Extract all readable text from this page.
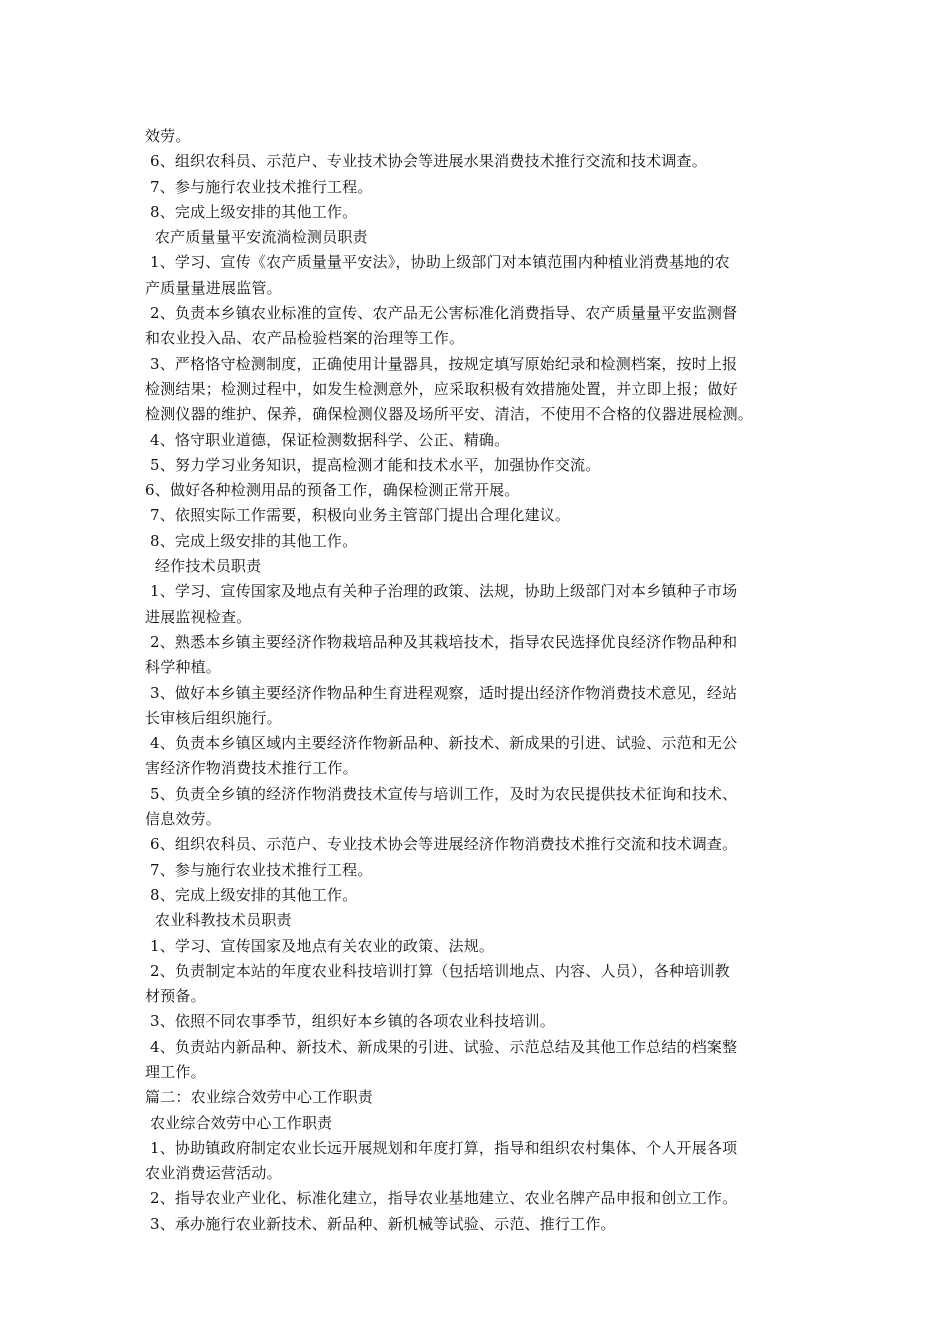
效劳。
6、组织农科员、示范户、专业技术协会等进展水果消费技术推行交流和技术调查。
7、参与施行农业技术推行工程。
8、完成上级安排的其他工作。
农产质量量平安流淌检测员职责
1、学习、宣传《农产质量量平安法》，协助上级部门对本镇范围内种植业消费基地的农
产质量量进展监管。
2、负责本乡镇农业标准的宣传、农产品无公害标准化消费指导、农产质量量平安监测督
和农业投入品、农产品检验档案的治理等工作。
3、严格恪守检测制度，正确使用计量器具，按规定填写原始纪录和检测档案，按时上报
检测结果；检测过程中，如发生检测意外，应采取积极有效措施处置，并立即上报；做好
检测仪器的维护、保养，确保检测仪器及场所平安、清洁，不使用不合格的仪器进展检测。
4、恪守职业道德，保证检测数据科学、公正、精确。
5、努力学习业务知识，提高检测才能和技术水平，加强协作交流。
6、做好各种检测用品的预备工作，确保检测正常开展。
7、依照实际工作需要，积极向业务主管部门提出合理化建议。
8、完成上级安排的其他工作。
经作技术员职责
1、学习、宣传国家及地点有关种子治理的政策、法规，协助上级部门对本乡镇种子市场
进展监视检查。
2、熟悉本乡镇主要经济作物栽培品种及其栽培技术，指导农民选择优良经济作物品种和
科学种植。
3、做好本乡镇主要经济作物品种生育进程观察，适时提出经济作物消费技术意见，经站
长审核后组织施行。
4、负责本乡镇区域内主要经济作物新品种、新技术、新成果的引进、试验、示范和无公
害经济作物消费技术推行工作。
5、负责全乡镇的经济作物消费技术宣传与培训工作，及时为农民提供技术征询和技术、
信息效劳。
6、组织农科员、示范户、专业技术协会等进展经济作物消费技术推行交流和技术调查。
7、参与施行农业技术推行工程。
8、完成上级安排的其他工作。
农业科教技术员职责
1、学习、宣传国家及地点有关农业的政策、法规。
2、负责制定本站的年度农业科技培训打算（包括培训地点、内容、人员），各种培训教
材预备。
3、依照不同农事季节，组织好本乡镇的各项农业科技培训。
4、负责站内新品种、新技术、新成果的引进、试验、示范总结及其他工作总结的档案整
理工作。
篇二：农业综合效劳中心工作职责
农业综合效劳中心工作职责
1、协助镇政府制定农业长远开展规划和年度打算，指导和组织农村集体、个人开展各项
农业消费运营活动。
2、指导农业产业化、标准化建立，指导农业基地建立、农业名牌产品申报和创立工作。
3、承办施行农业新技术、新品种、新机械等试验、示范、推行工作。
